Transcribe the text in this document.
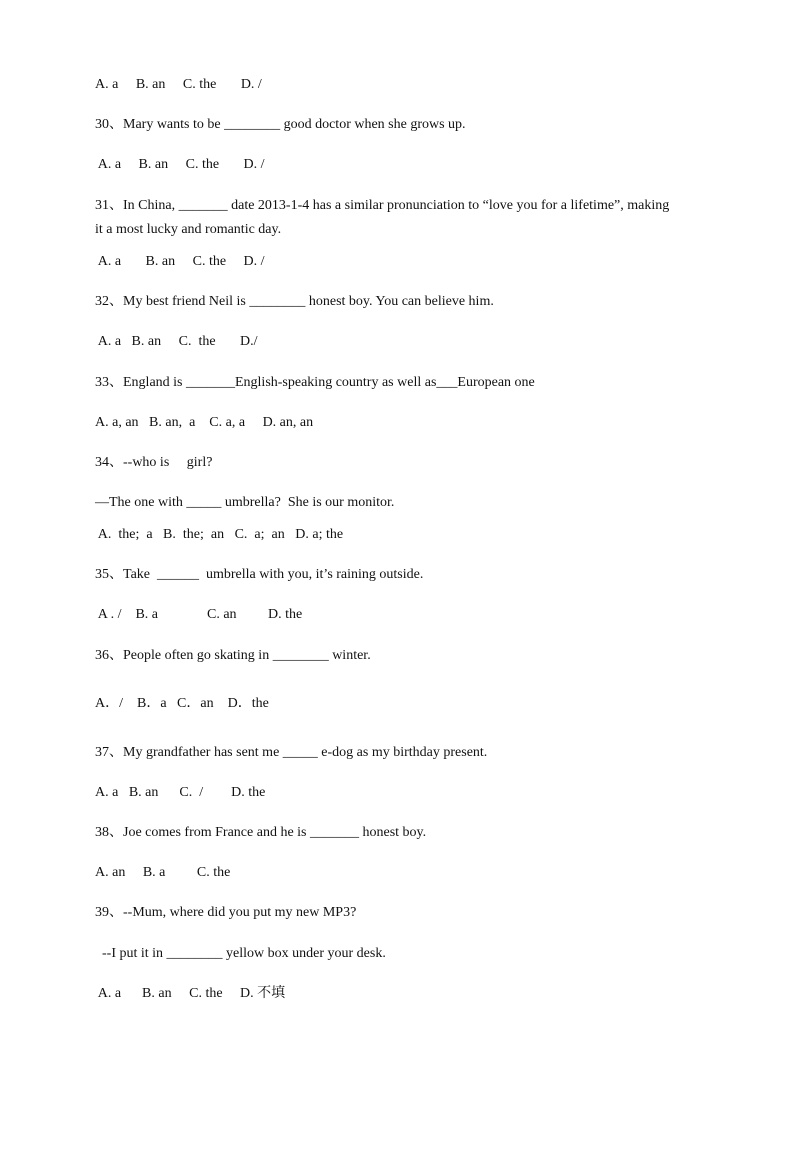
A. a     B. an     C. the       D. /
30、Mary wants to be ________ good doctor when she grows up.
A. a     B. an     C. the       D. /
31、In China, _______ date 2013-1-4 has a similar pronunciation to “love you for a lifetime”, making
it a most lucky and romantic day.
A. a       B. an     C. the     D. /
32、My best friend Neil is ________ honest boy. You can believe him.
A. a   B. an     C.  the       D./
33、England is _______English-speaking country as well as___European one
A. a, an   B. an,  a    C. a, a     D. an, an
34、--who is     girl?
—The one with _____ umbrella?  She is our monitor.
A.  the;  a   B.  the;  an   C.  a;  an   D. a; the
35、Take  ______  umbrella with you, it’s raining outside.
A . /    B. a              C. an         D. the
36、People often go skating in ________ winter.
A．/    B．a   C．an    D．the
37、My grandfather has sent me _____ e-dog as my birthday present.
A. a   B. an      C.  /        D. the
38、Joe comes from France and he is _______ honest boy.
A. an     B. a         C. the
39、--Mum, where did you put my new MP3?
--I put it in ________ yellow box under your desk.
A. a      B. an     C. the     D. 不填
